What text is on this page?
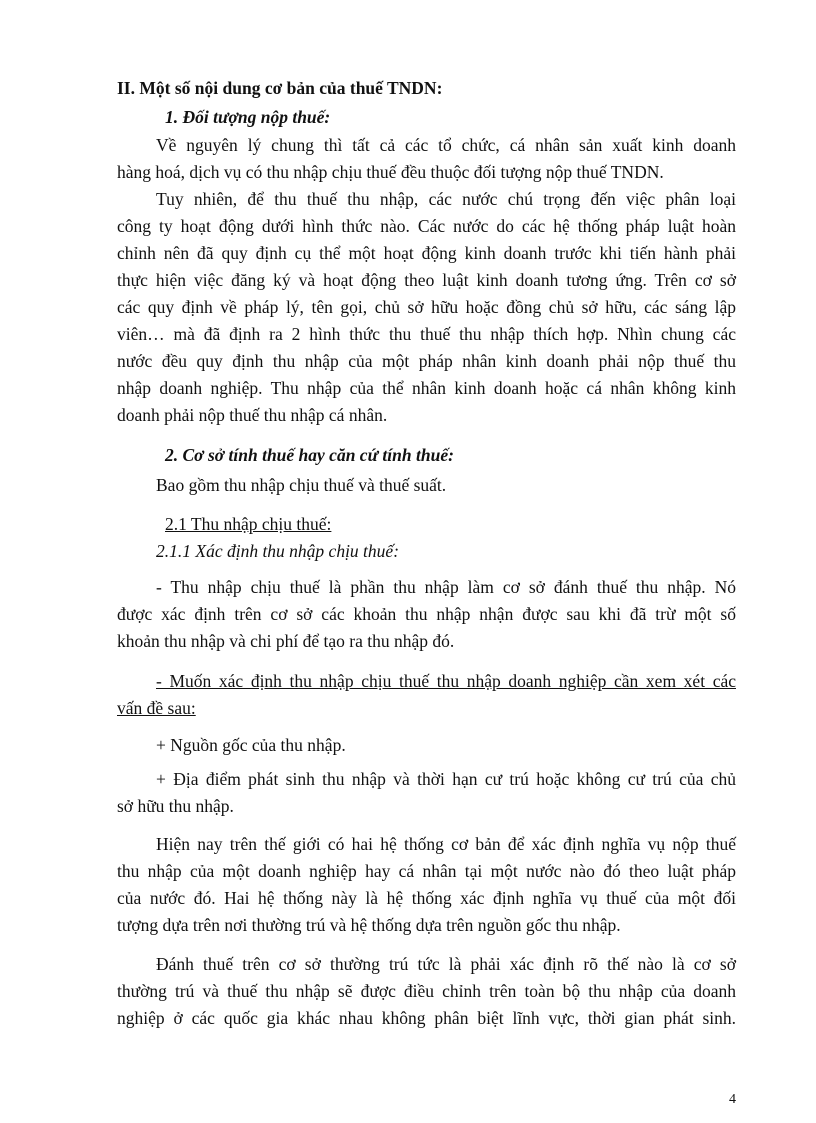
II. Một số nội dung cơ bản của thuế TNDN:
1. Đối tượng nộp thuế:
Về nguyên lý chung thì tất cả các tổ chức, cá nhân sản xuất kinh doanh
hàng hoá, dịch vụ có thu nhập chịu thuế đều thuộc đối tượng nộp thuế TNDN.
Tuy nhiên, để thu thuế thu nhập, các nước chú trọng đến việc phân loại
công ty hoạt động dưới hình thức nào. Các nước do các hệ thống pháp luật hoàn
chỉnh nên đã quy định cụ thể một hoạt động kinh doanh trước khi tiến hành phải
thực hiện việc đăng ký và hoạt động theo luật kinh doanh tương ứng. Trên cơ sở
các quy định về pháp lý, tên gọi, chủ sở hữu hoặc đồng chủ sở hữu, các sáng lập
viên… mà đã định ra 2 hình thức thu thuế thu nhập thích hợp. Nhìn chung các
nước đều quy định thu nhập của một pháp nhân kinh doanh phải nộp thuế thu
nhập doanh nghiệp. Thu nhập của thể nhân kinh doanh hoặc cá nhân không kinh
doanh phải nộp thuế thu nhập cá nhân.
2. Cơ sở tính thuế hay căn cứ tính thuế:
Bao gồm thu nhập chịu thuế và thuế suất.
2.1 Thu nhập chịu thuế:
2.1.1 Xác định thu nhập chịu thuế:
- Thu nhập chịu thuế là phần thu nhập làm cơ sở đánh thuế thu nhập. Nó
được xác định trên cơ sở các khoản thu nhập nhận được sau khi đã trừ một số
khoản thu nhập và chi phí để tạo ra thu nhập đó.
- Muốn xác định thu nhập chịu thuế thu nhập doanh nghiệp cần xem xét các
vấn đề sau:
+ Nguồn gốc của thu nhập.
+ Địa điểm phát sinh thu nhập và thời hạn cư trú hoặc không cư trú của chủ
sở hữu thu nhập.
Hiện nay trên thế giới có hai hệ thống cơ bản để xác định nghĩa vụ nộp thuế
thu nhập của một doanh nghiệp hay cá nhân tại một nước nào đó theo luật pháp
của nước đó. Hai hệ thống này là hệ thống xác định nghĩa vụ thuế của một đối
tượng dựa trên nơi thường trú và hệ thống dựa trên nguồn gốc thu nhập.
Đánh thuế trên cơ sở thường trú tức là phải xác định rõ thế nào là cơ sở
thường trú và thuế thu nhập sẽ được điều chỉnh trên toàn bộ thu nhập của doanh
nghiệp ở các quốc gia khác nhau không phân biệt lĩnh vực, thời gian phát sinh.
4
